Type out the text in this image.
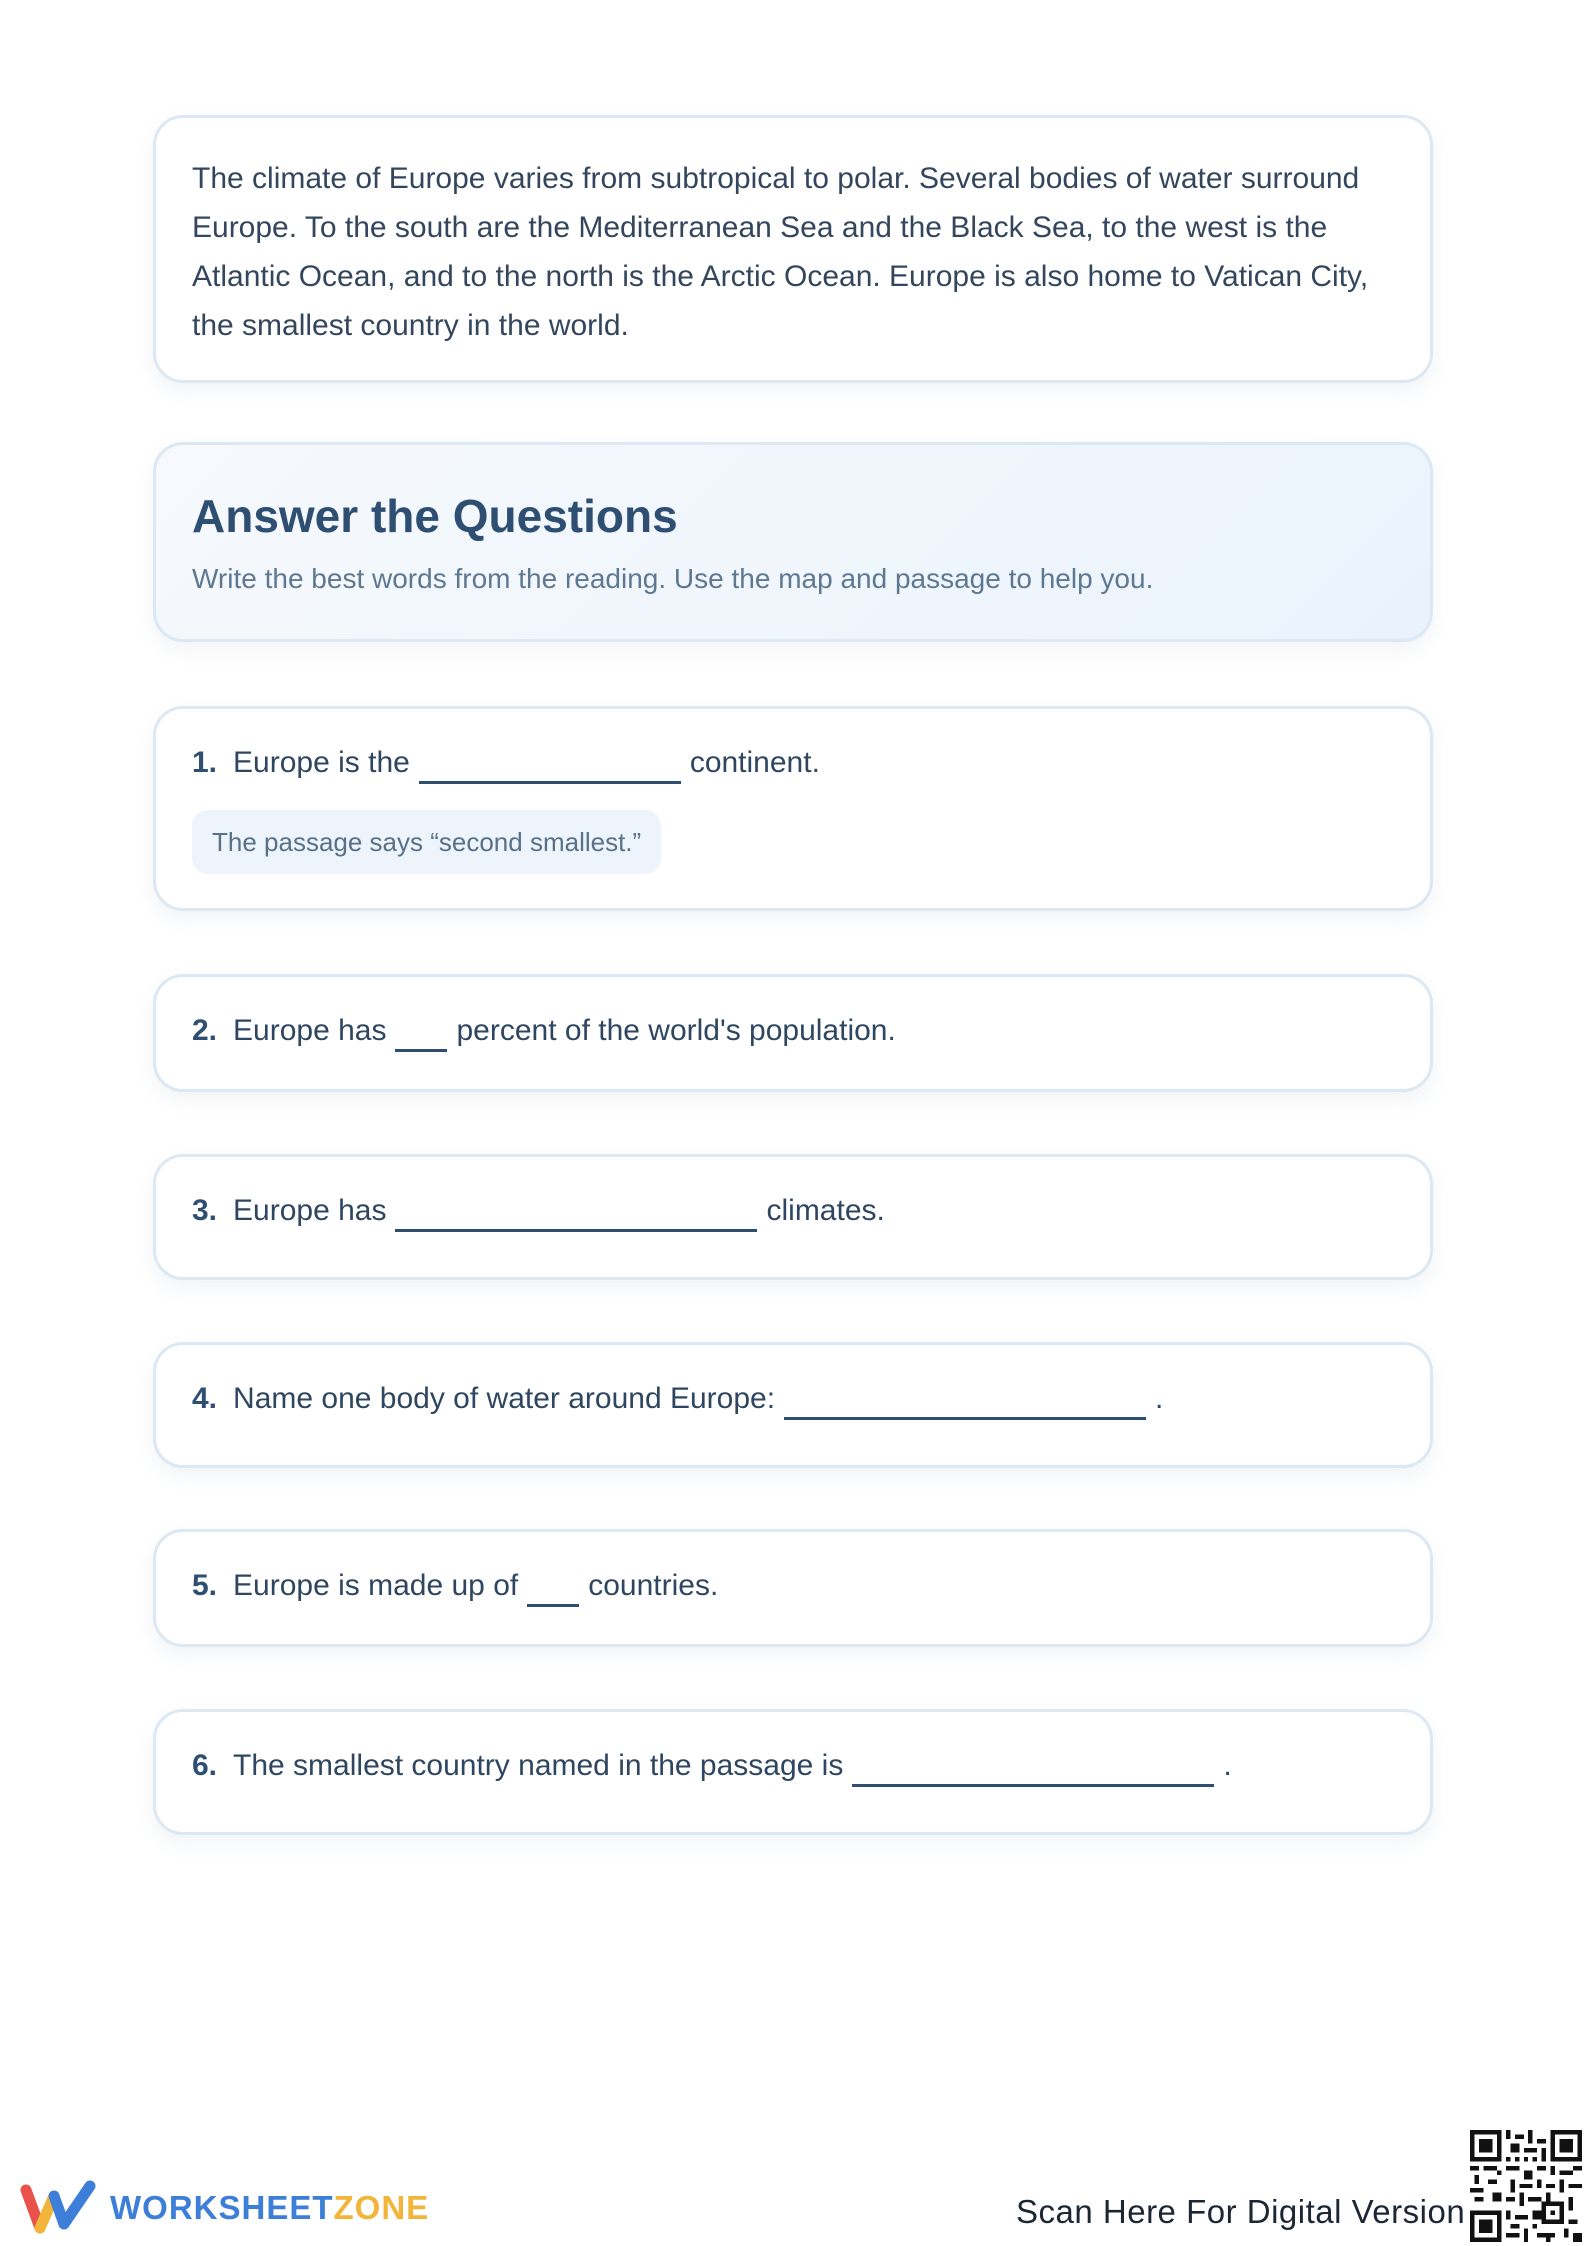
The climate of Europe varies from subtropical to polar. Several bodies of water surround Europe. To the south are the Mediterranean Sea and the Black Sea, to the west is the Atlantic Ocean, and to the north is the Arctic Ocean. Europe is also home to Vatican City, the smallest country in the world.

Answer the Questions

Write the best words from the reading. Use the map and passage to help you.

1. Europe is the	continent.
The passage says “second smallest.”
2. Europe has percent of the world's population.
3. Europe has	climates.
4. Name one body of water around Europe:	.
5. Europe is made up of countries.
6. The smallest country named in the passage is	.
WORKSHEETZONE	Scan Here For Digital Version
